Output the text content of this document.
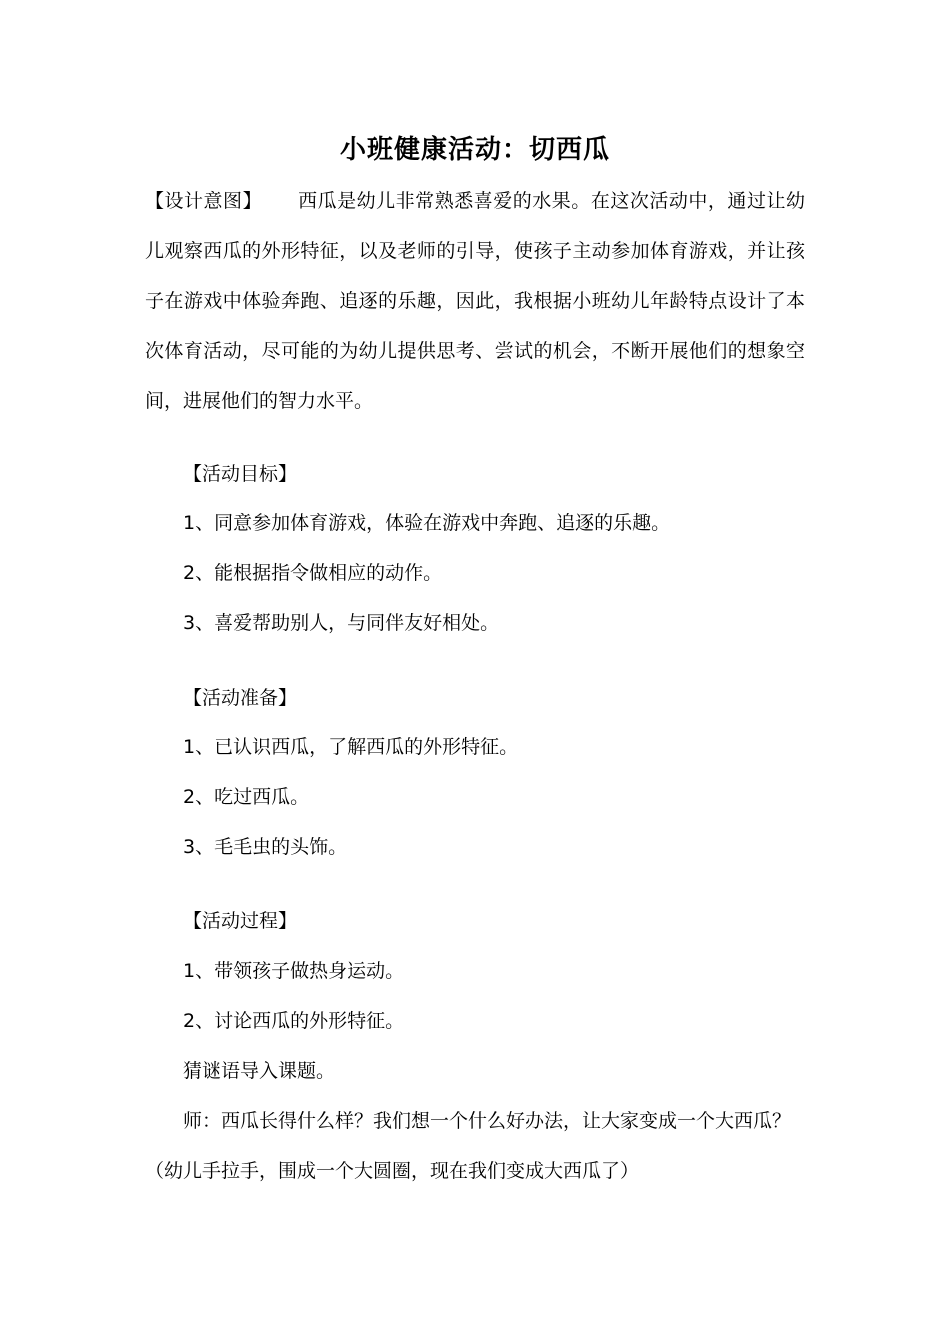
小班健康活动：切西瓜
【设计意图】 西瓜是幼儿非常熟悉喜爱的水果。在这次活动中，通过让幼儿观察西瓜的外形特征，以及老师的引导，使孩子主动参加体育游戏，并让孩子在游戏中体验奔跑、追逐的乐趣，因此，我根据小班幼儿年龄特点设计了本次体育活动，尽可能的为幼儿提供思考、尝试的机会，不断开展他们的想象空间，进展他们的智力水平。
【活动目标】
1、同意参加体育游戏，体验在游戏中奔跑、追逐的乐趣。
2、能根据指令做相应的动作。
3、喜爱帮助别人，与同伴友好相处。
【活动准备】
1、已认识西瓜，了解西瓜的外形特征。
2、吃过西瓜。
3、毛毛虫的头饰。
【活动过程】
1、带领孩子做热身运动。
2、讨论西瓜的外形特征。
猜谜语导入课题。
师：西瓜长得什么样？我们想一个什么好办法，让大家变成一个大西瓜？（幼儿手拉手，围成一个大圆圈，现在我们变成大西瓜了）
